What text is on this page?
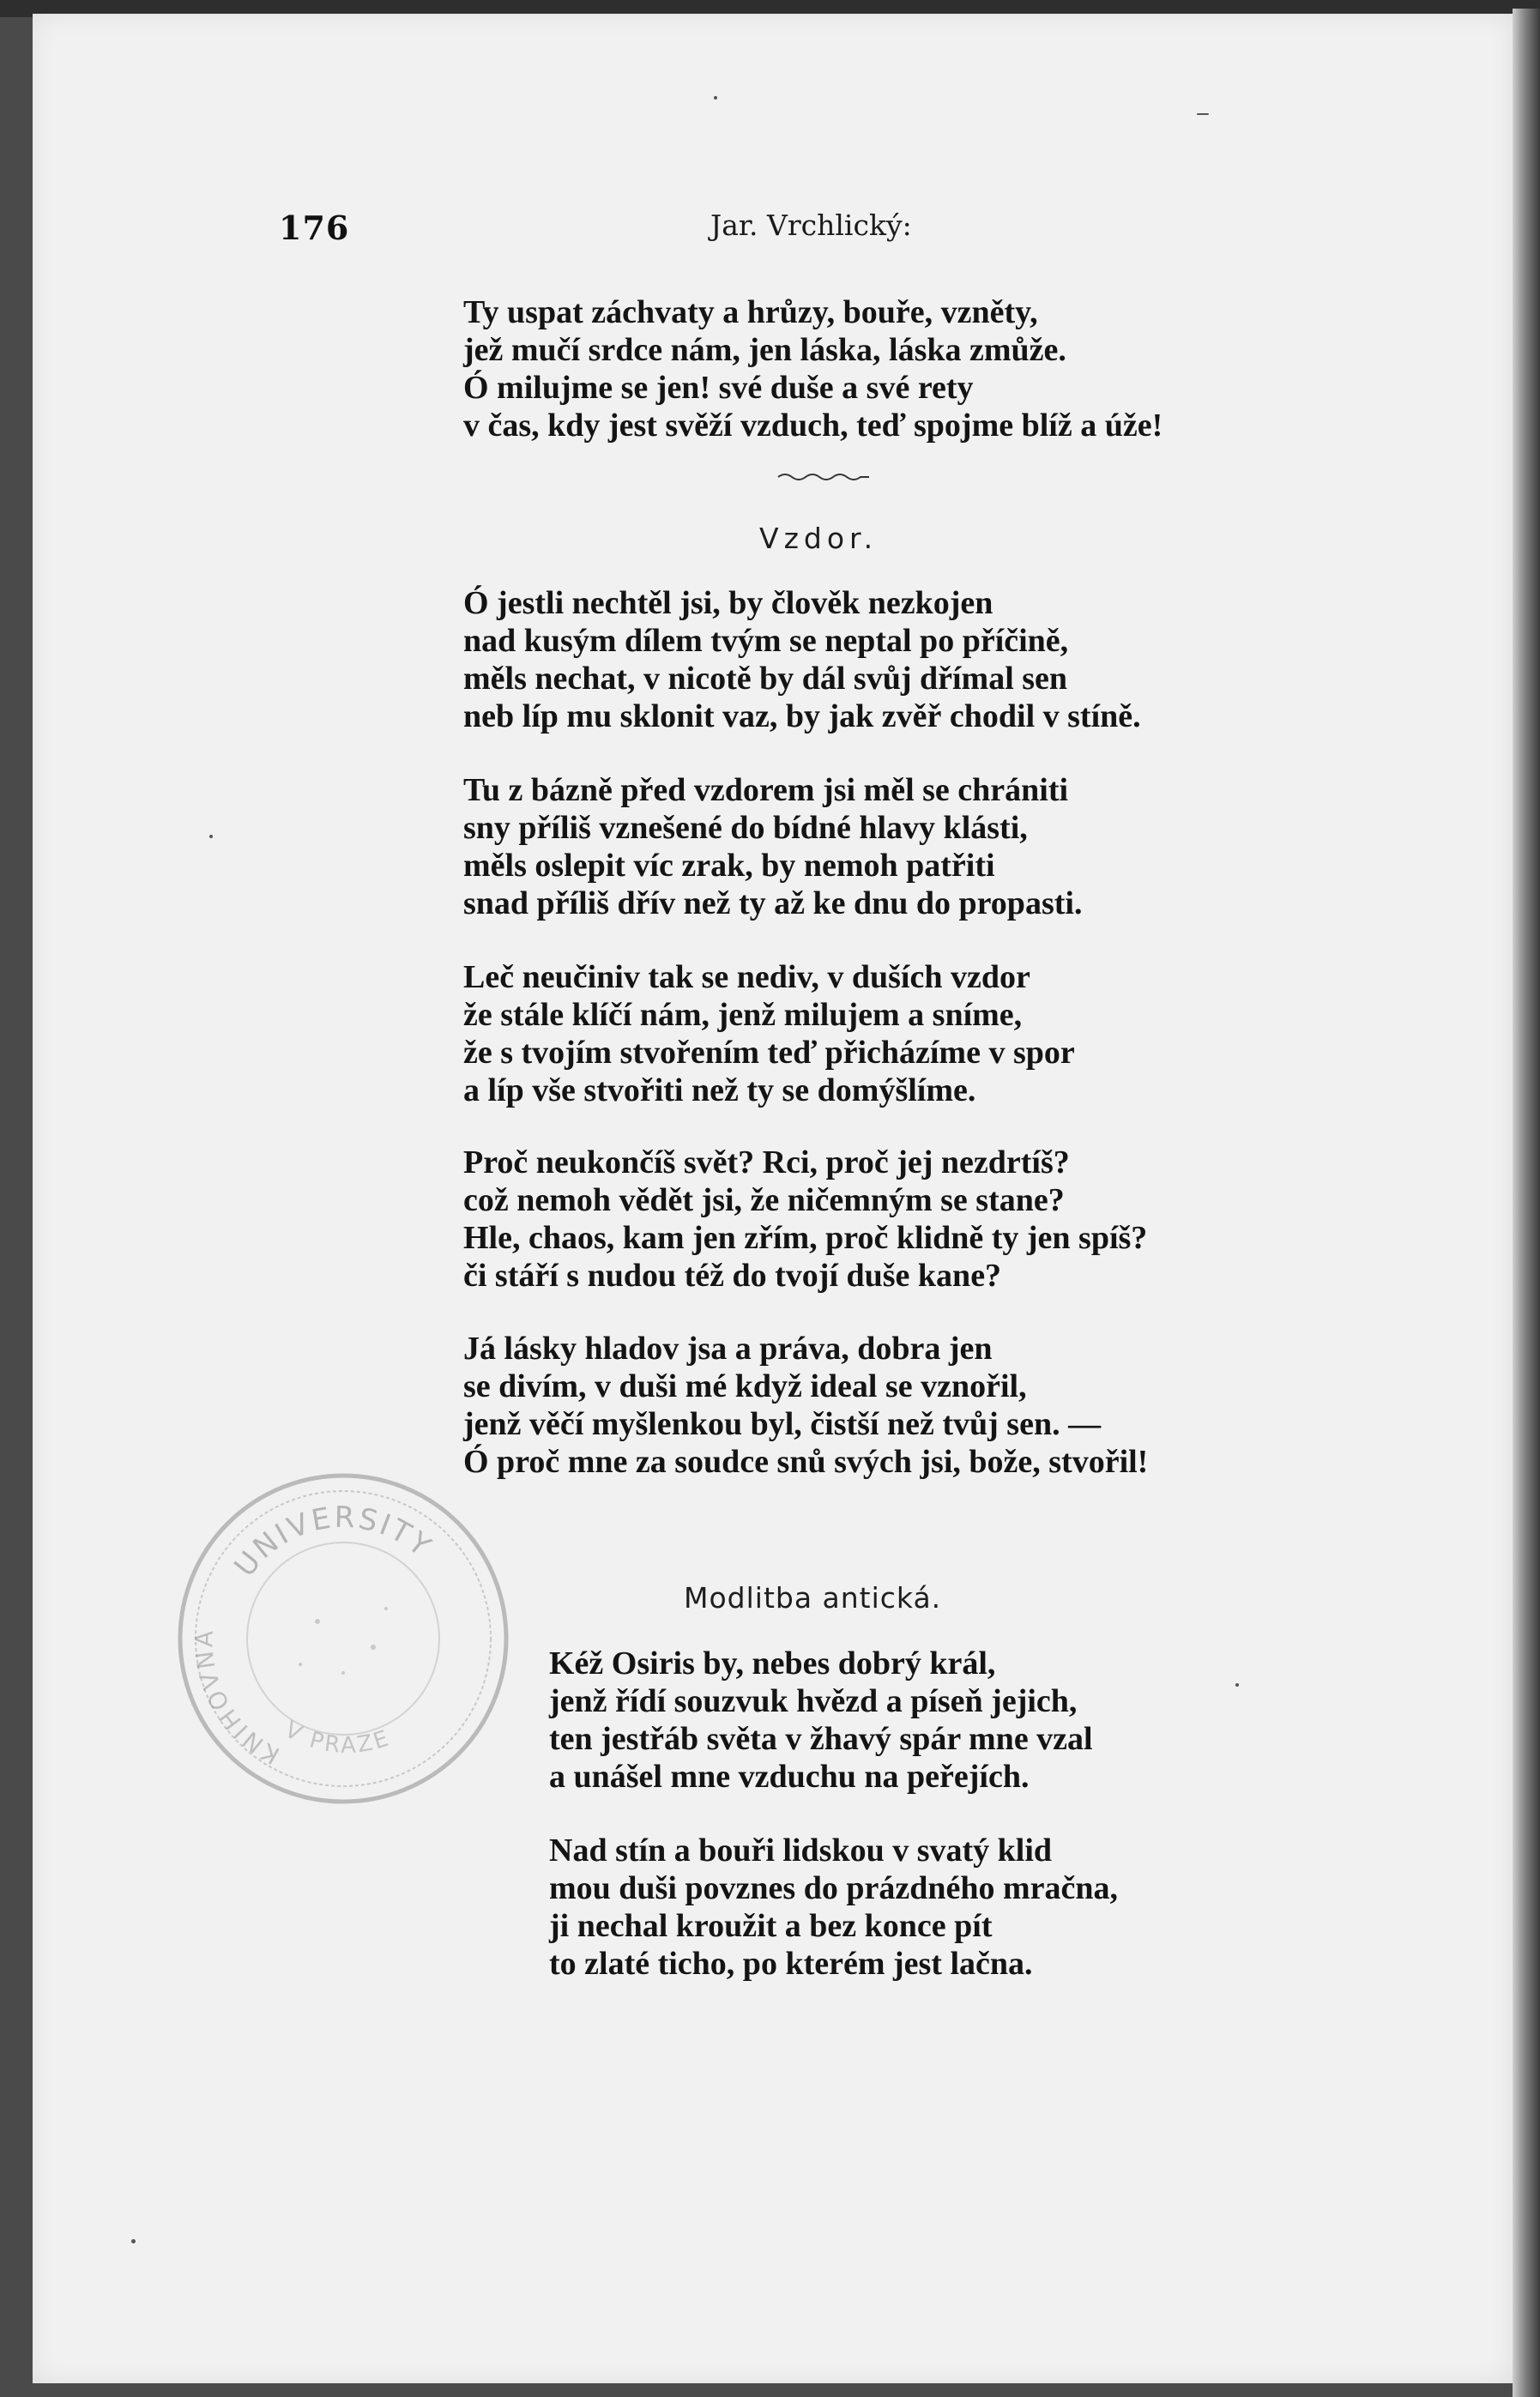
176	Jar. Vrchlický:
Ty uspat záchvaty a hrůzy, bouře, vzněty,
jež mučí srdce nám, jen láska, láska zmůže.
Ó milujme se jen! své duše a své rety
v čas, kdy jest svěží vzduch, teď spojme blíž a úže!
Vzdor.
Ó jestli nechtěl jsi, by člověk nezkojen
nad kusým dílem tvým se neptal po příčině,
měls nechat, v nicotě by dál svůj dřímal sen
neb líp mu sklonit vaz, by jak zvěř chodil v stíně.
Tu z bázně před vzdorem jsi měl se chrániti
sny příliš vznešené do bídné hlavy klásti,
měls oslepit víc zrak, by nemoh patřiti
snad příliš dřív než ty až ke dnu do propasti.
Leč neučiniv tak se nediv, v duších vzdor
že stále klíčí nám, jenž milujem a sníme,
že s tvojím stvořením teď přicházíme v spor
a líp vše stvořiti než ty se domýšlíme.
Proč neukončíš svět? Rci, proč jej nezdrtíš?
což nemoh vědět jsi, že ničemným se stane?
Hle, chaos, kam jen zřím, proč klidně ty jen spíš?
či stáří s nudou též do tvojí duše kane?
Já lásky hladov jsa a práva, dobra jen
se divím, v duši mé když ideal se vznořil,
jenž věčí myšlenkou byl, čistší než tvůj sen. —
Ó proč mne za soudce snů svých jsi, bože, stvořil!
UNIVERSITY
KNIHOVNA
V PRAZE
Modlitba antická.
Kéž Osiris by, nebes dobrý král,
jenž řídí souzvuk hvězd a píseň jejich,
ten jestřáb světa v žhavý spár mne vzal
a unášel mne vzduchu na peřejích.
Nad stín a bouři lidskou v svatý klid
mou duši povznes do prázdného mračna,
ji nechal kroužit a bez konce pít
to zlaté ticho, po kterém jest lačna.
